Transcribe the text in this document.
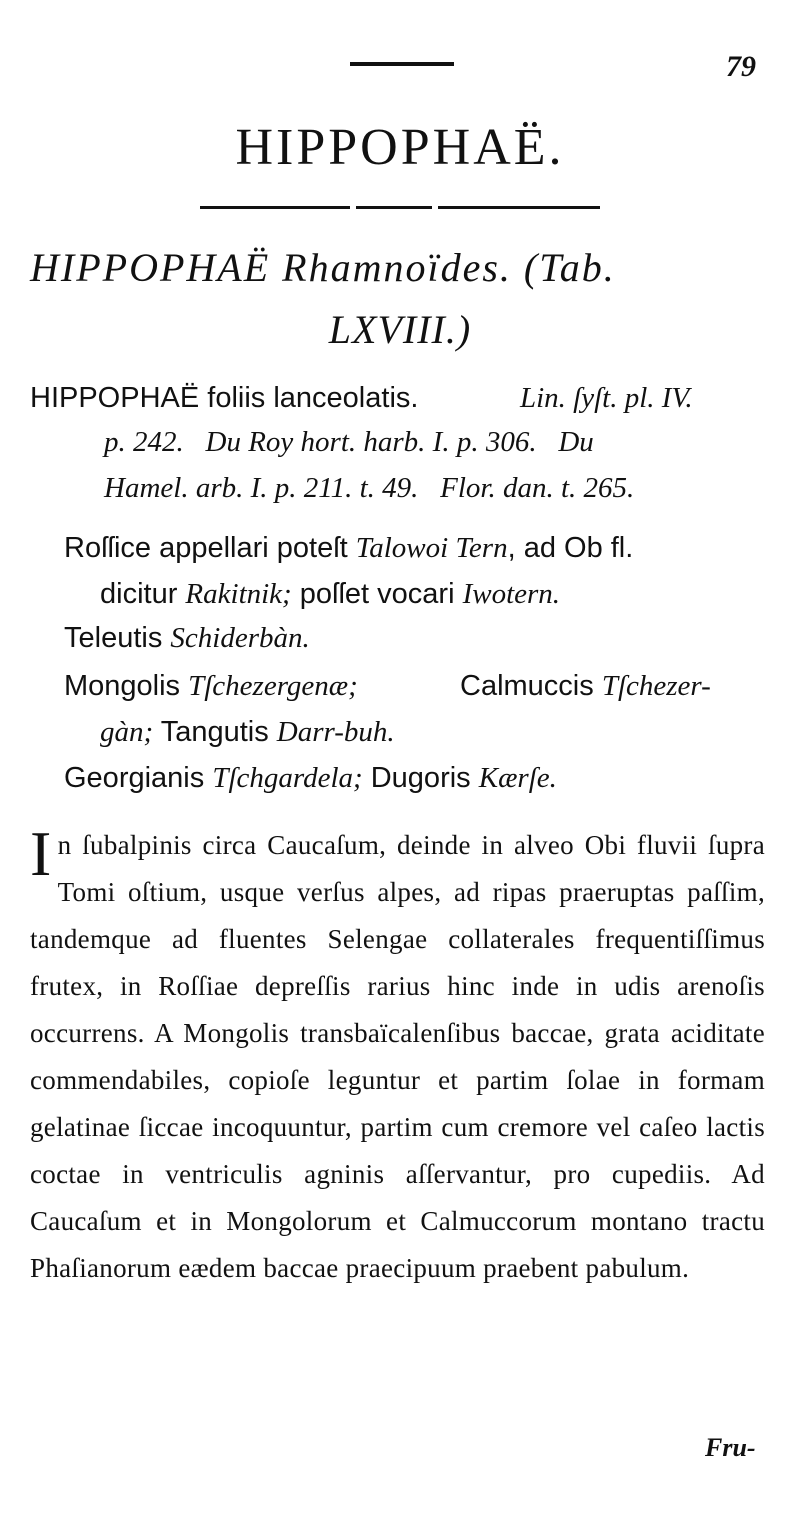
79
HIPPOPHAË.
HIPPOPHAË Rhamnoïdes. (Tab.
LXVIII.)
HIPPOPHAË foliis lanceolatis.	Lin. ſyſt. pl. IV.
p. 242.   Du Roy hort. harb. I. p. 306.   Du
Hamel. arb. I. p. 211. t. 49.   Flor. dan. t. 265.
Roſſice appellari poteſt Talowoi Tern, ad Ob fl.
dicitur Rakitnik; poſſet vocari Iwotern.
Teleutis Schiderbàn.
Mongolis Tſchezergenæ;	Calmuccis Tſchezer-
gàn; Tangutis Darr-buh.
Georgianis Tſchgardela; Dugoris Kærſe.
In ſubalpinis circa Caucaſum, deinde in alveo Obi fluvii ſupra Tomi oſtium, usque verſus alpes, ad ripas praeruptas paſſim, tandemque ad fluentes Selengae collaterales frequentiſſimus frutex, in Roſſiae depreſſis rarius hinc inde in udis arenoſis occurrens. A Mongolis transbaïcalenſibus baccae, grata aciditate commendabiles, copioſe leguntur et partim ſolae in formam gelatinae ſiccae incoquuntur, partim cum cremore vel caſeo lactis coctae in ventriculis agninis aſſervantur, pro cupediis. Ad Caucaſum et in Mongolorum et Calmuccorum montano tractu Phaſianorum eædem baccae praecipuum praebent pabulum.
Fru-
